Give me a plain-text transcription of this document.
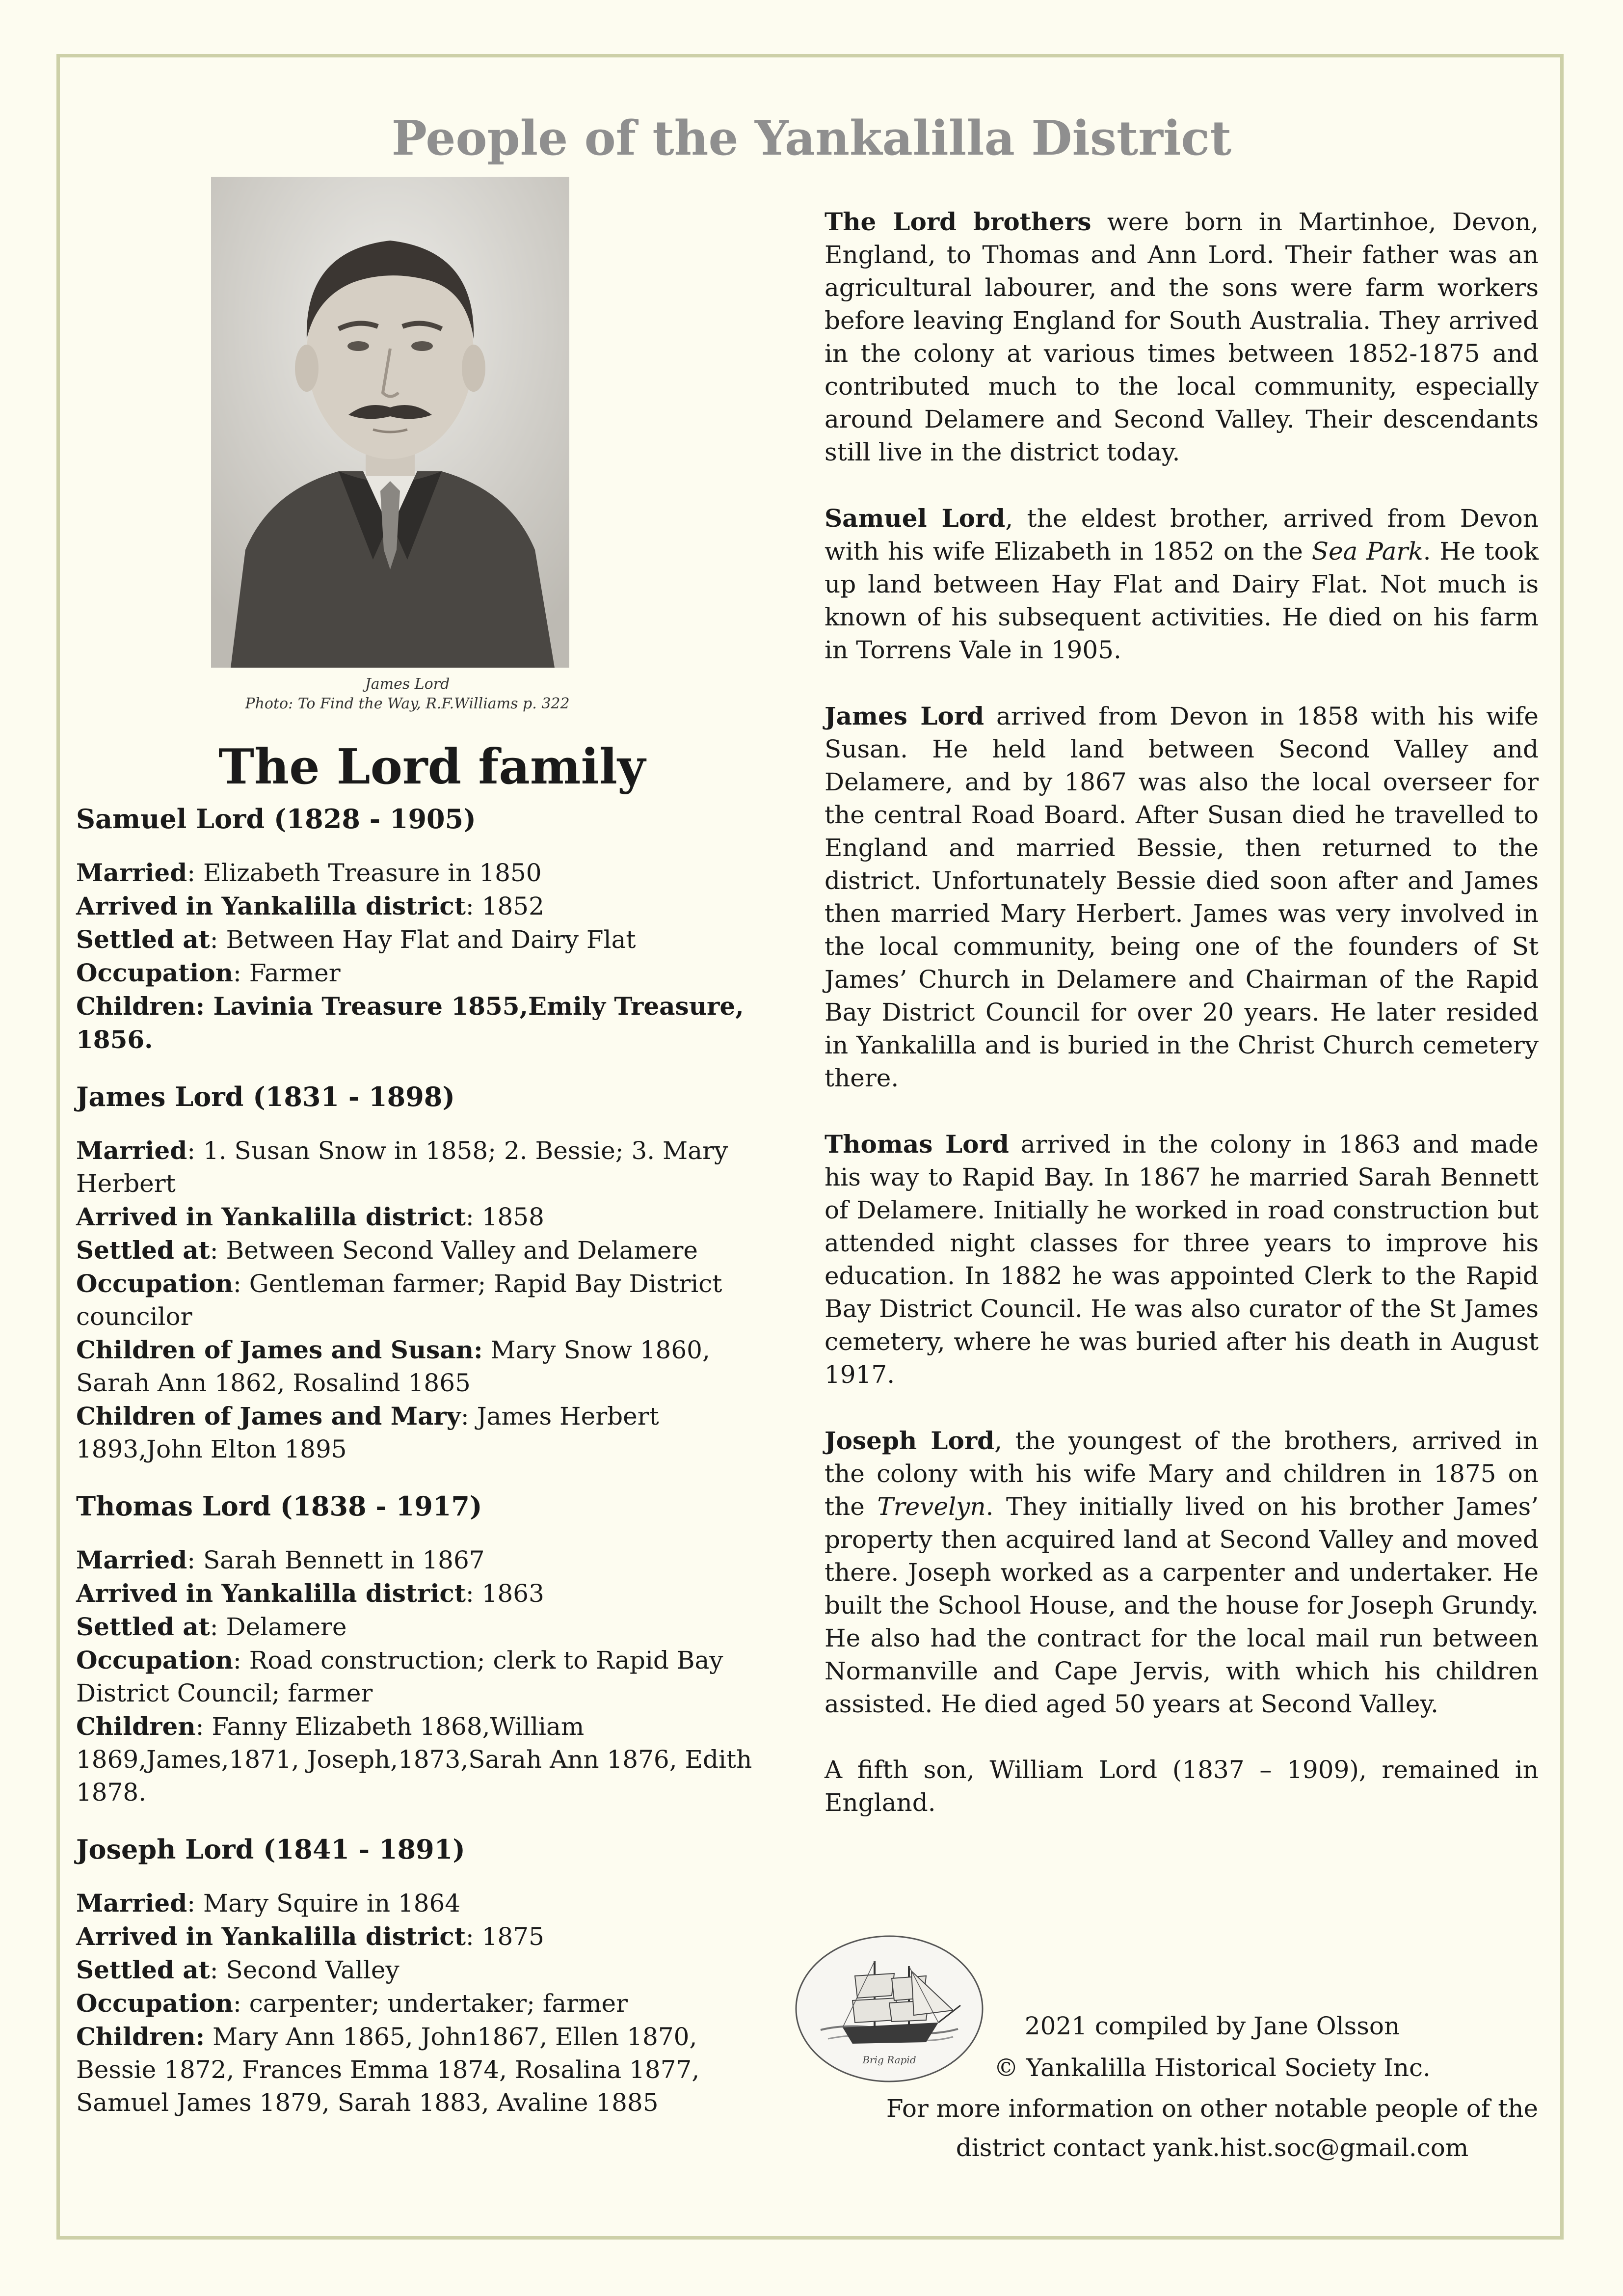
People of the Yankalilla District
James Lord
Photo: To Find the Way, R.F.Williams p. 322
The Lord family

Samuel Lord (1828 - 1905)

Married: Elizabeth Treasure in 1850

Arrived in Yankalilla district: 1852

Settled at: Between Hay Flat and Dairy Flat

Occupation: Farmer

Children: Lavinia Treasure 1855,Emily Treasure, 1856.

James Lord (1831 - 1898)

Married: 1. Susan Snow in 1858; 2. Bessie; 3. Mary Herbert

Arrived in Yankalilla district: 1858

Settled at: Between Second Valley and Delamere

Occupation: Gentleman farmer; Rapid Bay District councilor

Children of James and Susan: Mary Snow 1860, Sarah Ann 1862, Rosalind 1865

Children of James and Mary: James Herbert 1893,John Elton 1895

Thomas Lord (1838 - 1917)

Married: Sarah Bennett in 1867

Arrived in Yankalilla district: 1863

Settled at: Delamere

Occupation: Road construction; clerk to Rapid Bay District Council; farmer

Children: Fanny Elizabeth 1868,William 1869,James,1871, Joseph,1873,Sarah Ann 1876, Edith 1878.

Joseph Lord (1841 - 1891)

Married: Mary Squire in 1864

Arrived in Yankalilla district: 1875

Settled at: Second Valley

Occupation: carpenter; undertaker; farmer

Children: Mary Ann 1865, John1867, Ellen 1870, Bessie 1872, Frances Emma 1874, Rosalina 1877, Samuel James 1879, Sarah 1883, Avaline 1885

The Lord brothers were born in Martinhoe, Devon, England, to Thomas and Ann Lord. Their father was an agricultural labourer, and the sons were farm workers before leaving England for South Australia. They arrived in the colony at various times between 1852-1875 and contributed much to the local community, especially around Delamere and Second Valley. Their descendants still live in the district today.

Samuel Lord, the eldest brother, arrived from Devon with his wife Elizabeth in 1852 on the Sea Park. He took up land between Hay Flat and Dairy Flat. Not much is known of his subsequent activities. He died on his farm in Torrens Vale in 1905.

James Lord arrived from Devon in 1858 with his wife Susan. He held land between Second Valley and Delamere, and by 1867 was also the local overseer for the central Road Board. After Susan died he travelled to England and married Bessie, then returned to the district. Unfortunately Bessie died soon after and James then married Mary Herbert. James was very involved in the local community, being one of the founders of St James’ Church in Delamere and Chairman of the Rapid Bay District Council for over 20 years. He later resided in Yankalilla and is buried in the Christ Church cemetery there.

Thomas Lord arrived in the colony in 1863 and made his way to Rapid Bay. In 1867 he married Sarah Bennett of Delamere. Initially he worked in road construction but attended night classes for three years to improve his education. In 1882 he was appointed Clerk to the Rapid Bay District Council. He was also curator of the St James cemetery, where he was buried after his death in August 1917.

Joseph Lord, the youngest of the brothers, arrived in the colony with his wife Mary and children in 1875 on the Trevelyn. They initially lived on his brother James’ property then acquired land at Second Valley and moved there. Joseph worked as a carpenter and undertaker. He built the School House, and the house for Joseph Grundy. He also had the contract for the local mail run between Normanville and Cape Jervis, with which his children assisted. He died aged 50 years at Second Valley.

A fifth son, William Lord (1837 – 1909), remained in England.

Brig Rapid
2021 compiled by Jane Olsson
© Yankalilla Historical Society Inc.
For more information on other notable people of the
district contact yank.hist.soc@gmail.com
